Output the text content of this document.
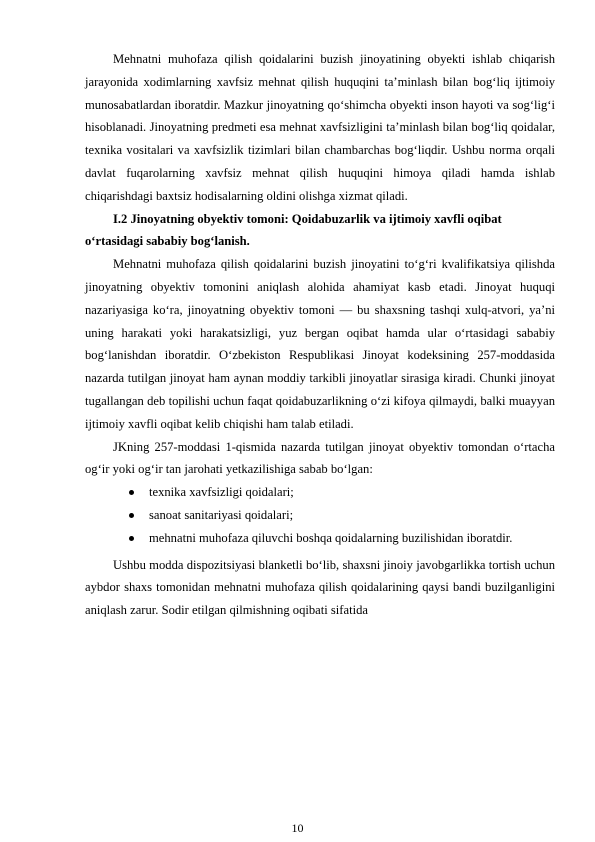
Mehnatni muhofaza qilish qoidalarini buzish jinoyatining obyekti ishlab chiqarish jarayonida xodimlarning xavfsiz mehnat qilish huquqini ta’minlash bilan bog‘liq ijtimoiy munosabatlardan iboratdir. Mazkur jinoyatning qo‘shimcha obyekti inson hayoti va sog‘lig‘i hisoblanadi. Jinoyatning predmeti esa mehnat xavfsizligini ta’minlash bilan bog‘liq qoidalar, texnika vositalari va xavfsizlik tizimlari bilan chambarchas bog‘liqdir. Ushbu norma orqali davlat fuqarolarning xavfsiz mehnat qilish huquqini himoya qiladi hamda ishlab chiqarishdagi baxtsiz hodisalarning oldini olishga xizmat qiladi.

I.2 Jinoyatning obyektiv tomoni: Qoidabuzarlik va ijtimoiy xavfli oqibat

o‘rtasidagi sababiy bog‘lanish.

Mehnatni muhofaza qilish qoidalarini buzish jinoyatini to‘g‘ri kvalifikatsiya qilishda jinoyatning obyektiv tomonini aniqlash alohida ahamiyat kasb etadi. Jinoyat huquqi nazariyasiga ko‘ra, jinoyatning obyektiv tomoni — bu shaxsning tashqi xulq-atvori, ya’ni uning harakati yoki harakatsizligi, yuz bergan oqibat hamda ular o‘rtasidagi sababiy bog‘lanishdan iboratdir. O‘zbekiston Respublikasi Jinoyat kodeksining 257-moddasida nazarda tutilgan jinoyat ham aynan moddiy tarkibli jinoyatlar sirasiga kiradi. Chunki jinoyat tugallangan deb topilishi uchun faqat qoidabuzarlikning o‘zi kifoya qilmaydi, balki muayyan ijtimoiy xavfli oqibat kelib chiqishi ham talab etiladi.

JKning 257-moddasi 1-qismida nazarda tutilgan jinoyat obyektiv tomondan o‘rtacha og‘ir yoki og‘ir tan jarohati yetkazilishiga sabab bo‘lgan:

texnika xavfsizligi qoidalari;
sanoat sanitariyasi qoidalari;
mehnatni muhofaza qiluvchi boshqa qoidalarning buzilishidan iboratdir.

Ushbu modda dispozitsiyasi blanketli bo‘lib, shaxsni jinoiy javobgarlikka tortish uchun aybdor shaxs tomonidan mehnatni muhofaza qilish qoidalarining qaysi bandi buzilganligini aniqlash zarur. Sodir etilgan qilmishning oqibati sifatida

10
